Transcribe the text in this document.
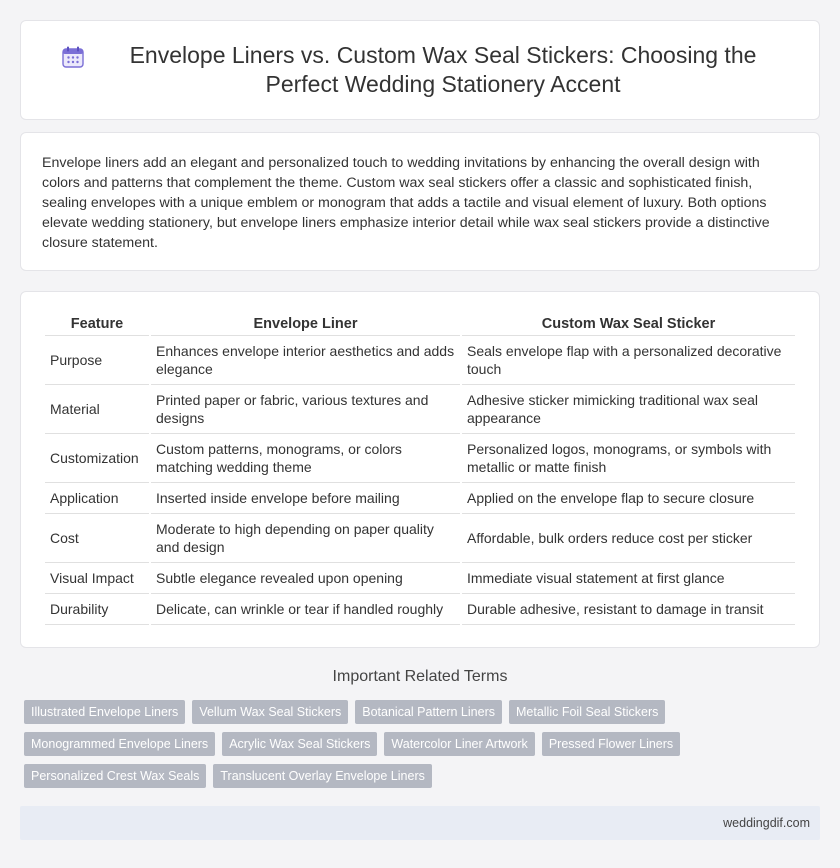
Envelope Liners vs. Custom Wax Seal Stickers: Choosing the Perfect Wedding Stationery Accent

Envelope liners add an elegant and personalized touch to wedding invitations by enhancing the overall design with colors and patterns that complement the theme. Custom wax seal stickers offer a classic and sophisticated finish, sealing envelopes with a unique emblem or monogram that adds a tactile and visual element of luxury. Both options elevate wedding stationery, but envelope liners emphasize interior detail while wax seal stickers provide a distinctive closure statement.

Feature	Envelope Liner	Custom Wax Seal Sticker
Purpose	Enhances envelope interior aesthetics and adds elegance	Seals envelope flap with a personalized decorative touch
Material	Printed paper or fabric, various textures and designs	Adhesive sticker mimicking traditional wax seal appearance
Customization	Custom patterns, monograms, or colors matching wedding theme	Personalized logos, monograms, or symbols with metallic or matte finish
Application	Inserted inside envelope before mailing	Applied on the envelope flap to secure closure
Cost	Moderate to high depending on paper quality and design	Affordable, bulk orders reduce cost per sticker
Visual Impact	Subtle elegance revealed upon opening	Immediate visual statement at first glance
Durability	Delicate, can wrinkle or tear if handled roughly	Durable adhesive, resistant to damage in transit
Important Related Terms
Illustrated Envelope Liners	Vellum Wax Seal Stickers	Botanical Pattern Liners	Metallic Foil Seal Stickers
Monogrammed Envelope Liners	Acrylic Wax Seal Stickers	Watercolor Liner Artwork	Pressed Flower Liners
Personalized Crest Wax Seals	Translucent Overlay Envelope Liners
weddingdif.com
